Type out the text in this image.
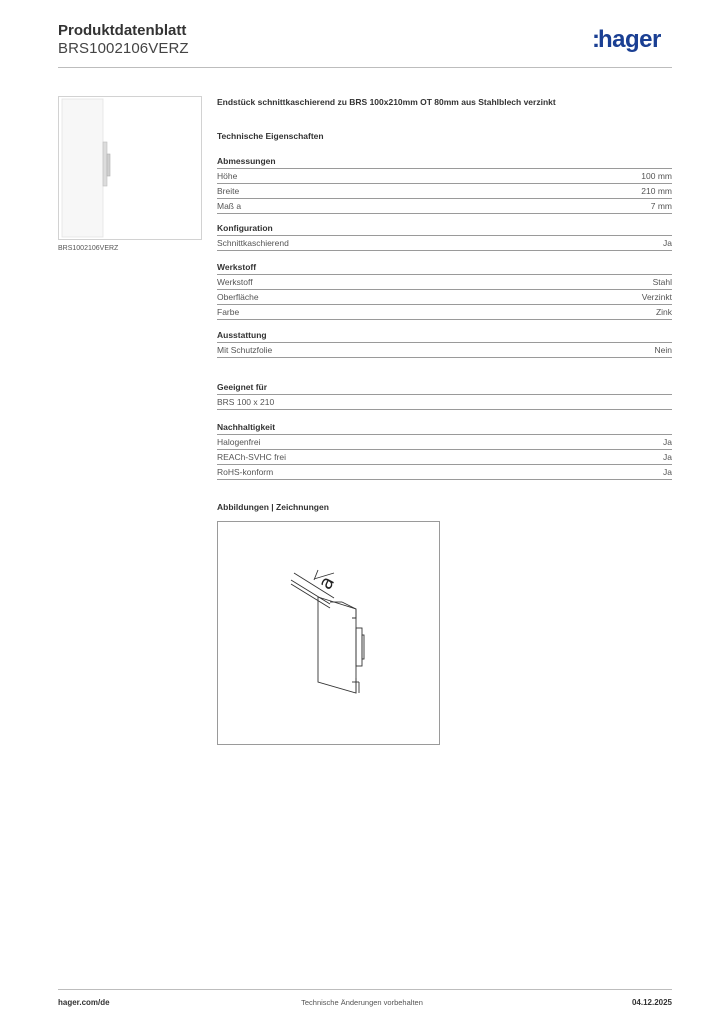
Produktdatenblatt
BRS1002106VERZ	:hager
BRS1002106VERZ
Endstück schnittkaschierend zu BRS 100x210mm OT 80mm aus Stahlblech verzinkt
Technische Eigenschaften
Abmessungen
Höhe	100 mm
Breite	210 mm
Maß a	7 mm
Konfiguration
Schnittkaschierend	Ja
Werkstoff
Werkstoff	Stahl
Oberfläche	Verzinkt
Farbe	Zink
Ausstattung
Mit Schutzfolie	Nein
Geeignet für
BRS 100 x 210
Nachhaltigkeit
Halogenfrei	Ja
REACh-SVHC frei	Ja
RoHS-konform	Ja
Abbildungen | Zeichnungen
a
hager.com/de	Technische Änderungen vorbehalten	04.12.2025
